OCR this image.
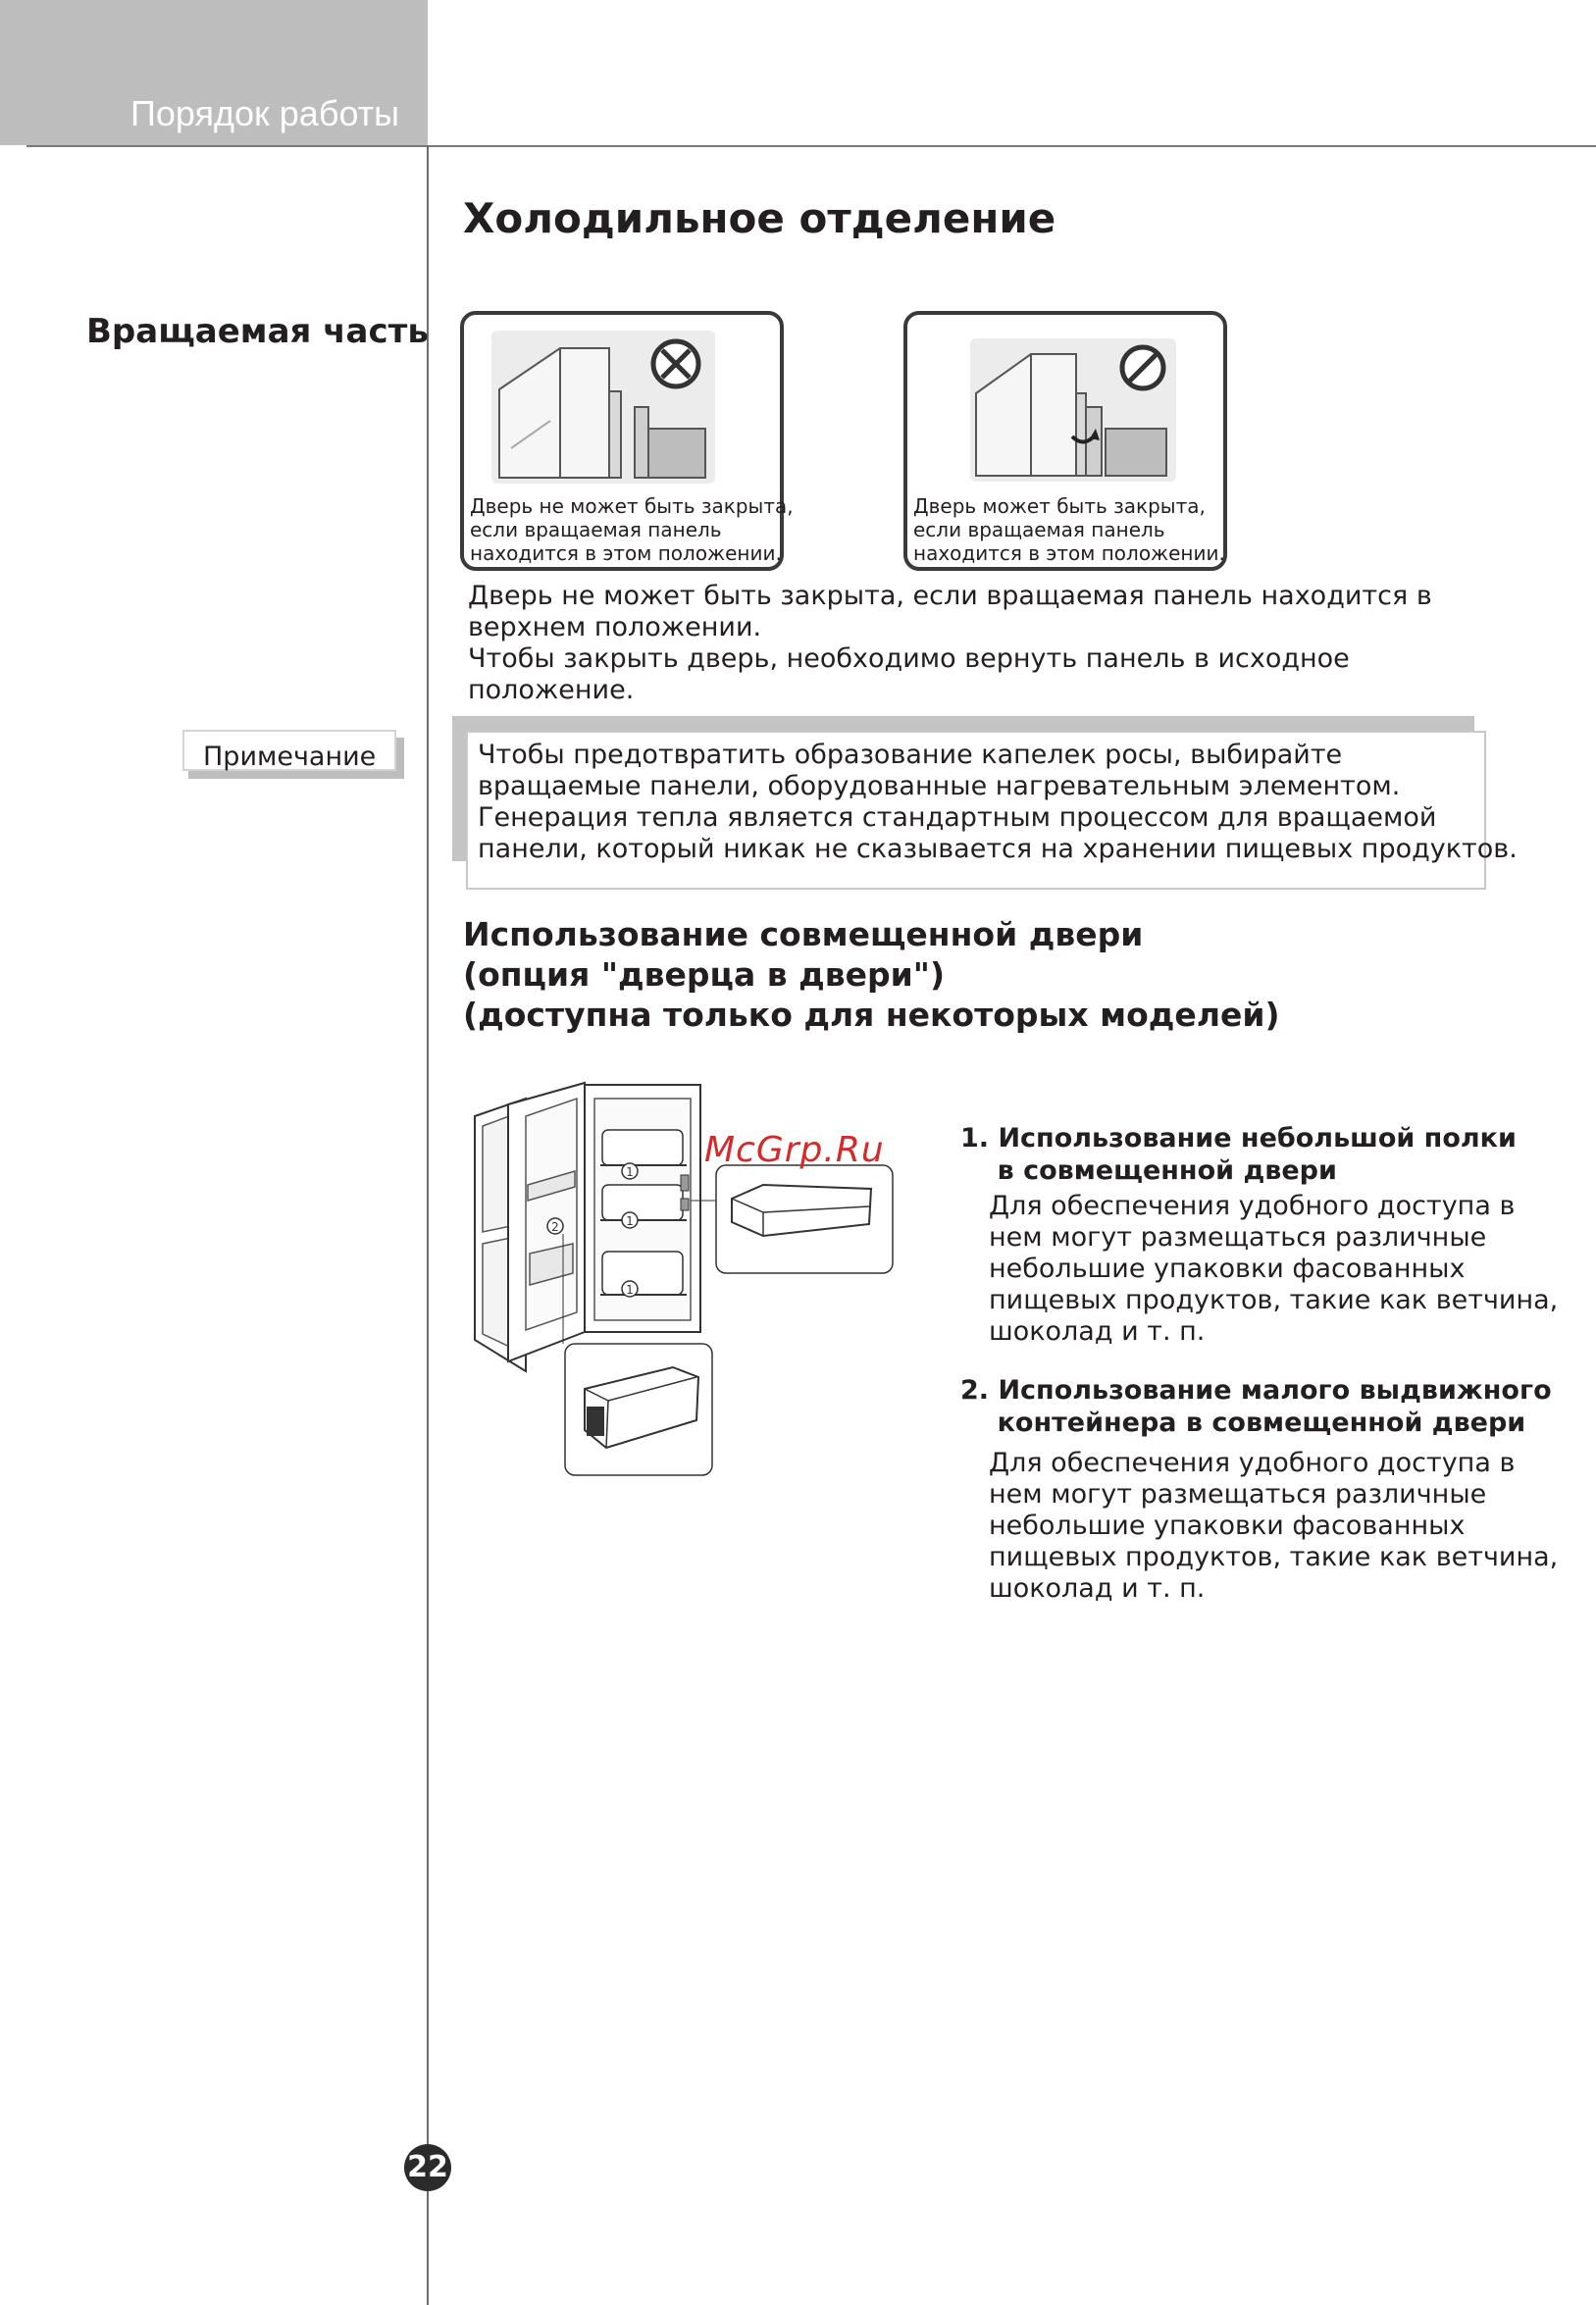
Порядок работы
Холодильное отделение
Вращаемая часть
Дверь не может быть закрыта,
если вращаемая панель
находится в этом положении.
Дверь может быть закрыта,
если вращаемая панель
находится в этом положении.
Дверь не может быть закрыта, если вращаемая панель находится в
верхнем положении.
Чтобы закрыть дверь, необходимо вернуть панель в исходное положение.
Примечание	Чтобы предотвратить образование капелек росы, выбирайте
вращаемые панели, оборудованные нагревательным элементом.
Генерация тепла является стандартным процессом для вращаемой
панели, который никак не сказывается на хранении пищевых продуктов.
Использование совмещенной двери
(опция "дверца в двери")
(доступна только для некоторых моделей)
1
1
1
2
McGrp.Ru	1. Использование небольшой полки
в совмещенной двери
Для обеспечения удобного доступа в
нем могут размещаться различные
небольшие упаковки фасованных
пищевых продуктов, такие как ветчина,
шоколад и т. п.
2. Использование малого выдвижного
контейнера в совмещенной двери
Для обеспечения удобного доступа в
нем могут размещаться различные
небольшие упаковки фасованных
пищевых продуктов, такие как ветчина,
шоколад и т. п.
22
